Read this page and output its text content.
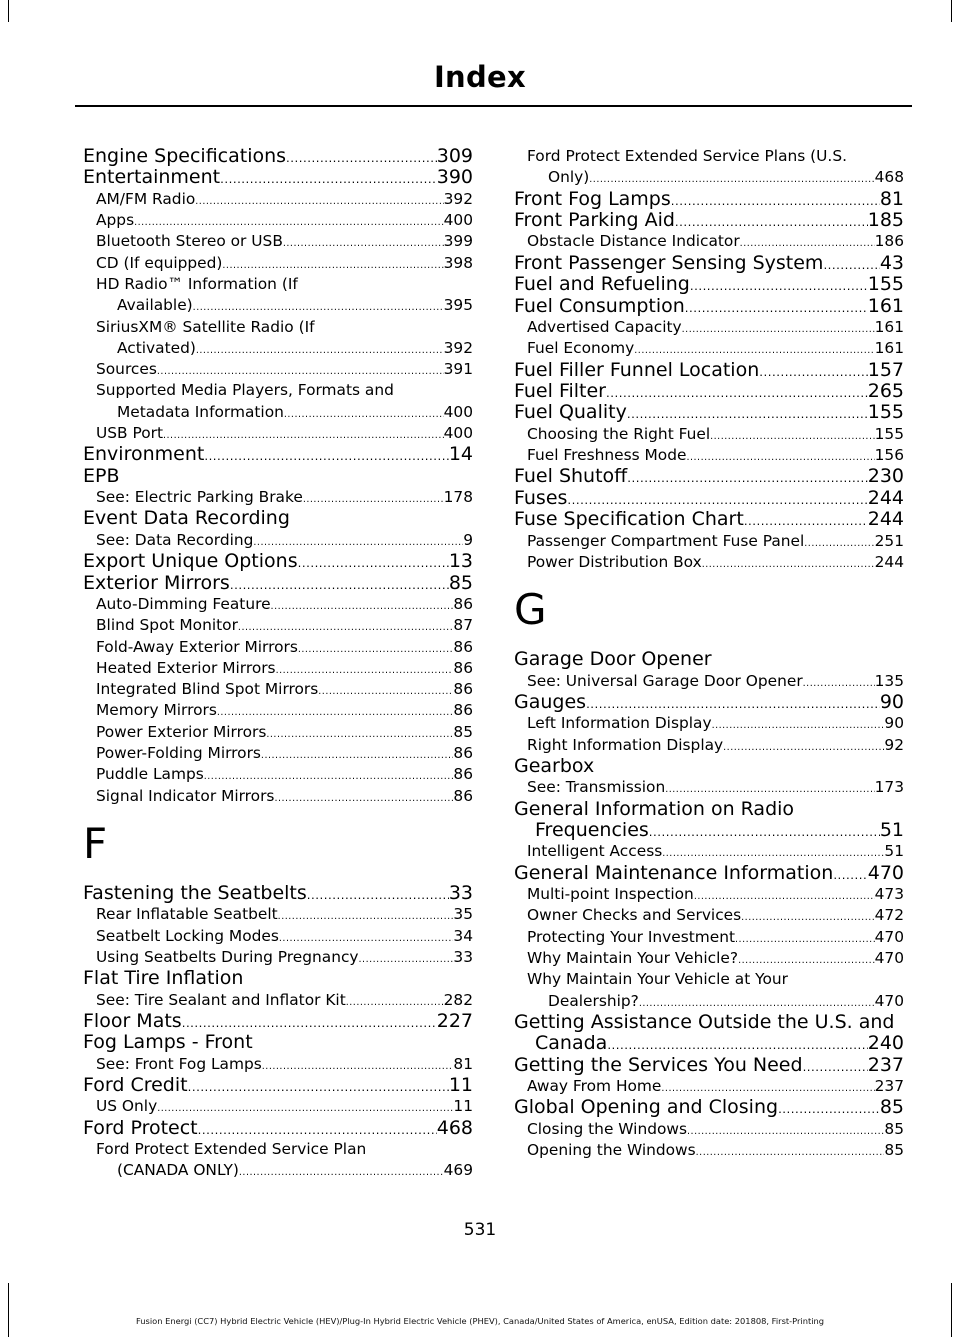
Index
Engine Specifications .....	309
Entertainment .....	390
AM/FM Radio .....	392
Apps .....	400
Bluetooth Stereo or USB .....	399
CD (If equipped) .....	398
HD Radio™ Information (If
Available) .....	395
SiriusXM® Satellite Radio (If
Activated) .....	392
Sources .....	391
Supported Media Players, Formats and
Metadata Information .....	400
USB Port .....	400
Environment .....	14
EPB
See: Electric Parking Brake .....	178
Event Data Recording
See: Data Recording .....	9
Export Unique Options .....	13
Exterior Mirrors .....	85
Auto-Dimming Feature .....	86
Blind Spot Monitor .....	87
Fold-Away Exterior Mirrors .....	86
Heated Exterior Mirrors .....	86
Integrated Blind Spot Mirrors .....	86
Memory Mirrors .....	86
Power Exterior Mirrors .....	85
Power-Folding Mirrors .....	86
Puddle Lamps .....	86
Signal Indicator Mirrors .....	86
F
Fastening the Seatbelts .....	33
Rear Inflatable Seatbelt .....	35
Seatbelt Locking Modes .....	34
Using Seatbelts During Pregnancy .....	33
Flat Tire Inflation
See: Tire Sealant and Inflator Kit .....	282
Floor Mats .....	227
Fog Lamps - Front
See: Front Fog Lamps .....	81
Ford Credit .....	11
US Only .....	11
Ford Protect .....	468
Ford Protect Extended Service Plan
(CANADA ONLY) .....	469
Ford Protect Extended Service Plans (U.S.
Only) .....	468
Front Fog Lamps .....	81
Front Parking Aid .....	185
Obstacle Distance Indicator .....	186
Front Passenger Sensing System .....	43
Fuel and Refueling .....	155
Fuel Consumption .....	161
Advertised Capacity .....	161
Fuel Economy .....	161
Fuel Filler Funnel Location .....	157
Fuel Filter .....	265
Fuel Quality .....	155
Choosing the Right Fuel .....	155
Fuel Freshness Mode .....	156
Fuel Shutoff .....	230
Fuses .....	244
Fuse Specification Chart .....	244
Passenger Compartment Fuse Panel .....	251
Power Distribution Box .....	244
G
Garage Door Opener
See: Universal Garage Door Opener .....	135
Gauges .....	90
Left Information Display .....	90
Right Information Display .....	92
Gearbox
See: Transmission .....	173
General Information on Radio
Frequencies .....	51
Intelligent Access .....	51
General Maintenance Information ..... 470
Multi-point Inspection .....	473
Owner Checks and Services .....	472
Protecting Your Investment .....	470
Why Maintain Your Vehicle? .....	470
Why Maintain Your Vehicle at Your
Dealership? .....	470
Getting Assistance Outside the U.S. and
Canada .....	240
Getting the Services You Need .....	237
Away From Home .....	237
Global Opening and Closing .....	85
Closing the Windows .....	85
Opening the Windows .....	85
531
Fusion Energi (CC7) Hybrid Electric Vehicle (HEV)/Plug-In Hybrid Electric Vehicle (PHEV), Canada/United States of America, enUSA, Edition date: 201808, First-Printing
